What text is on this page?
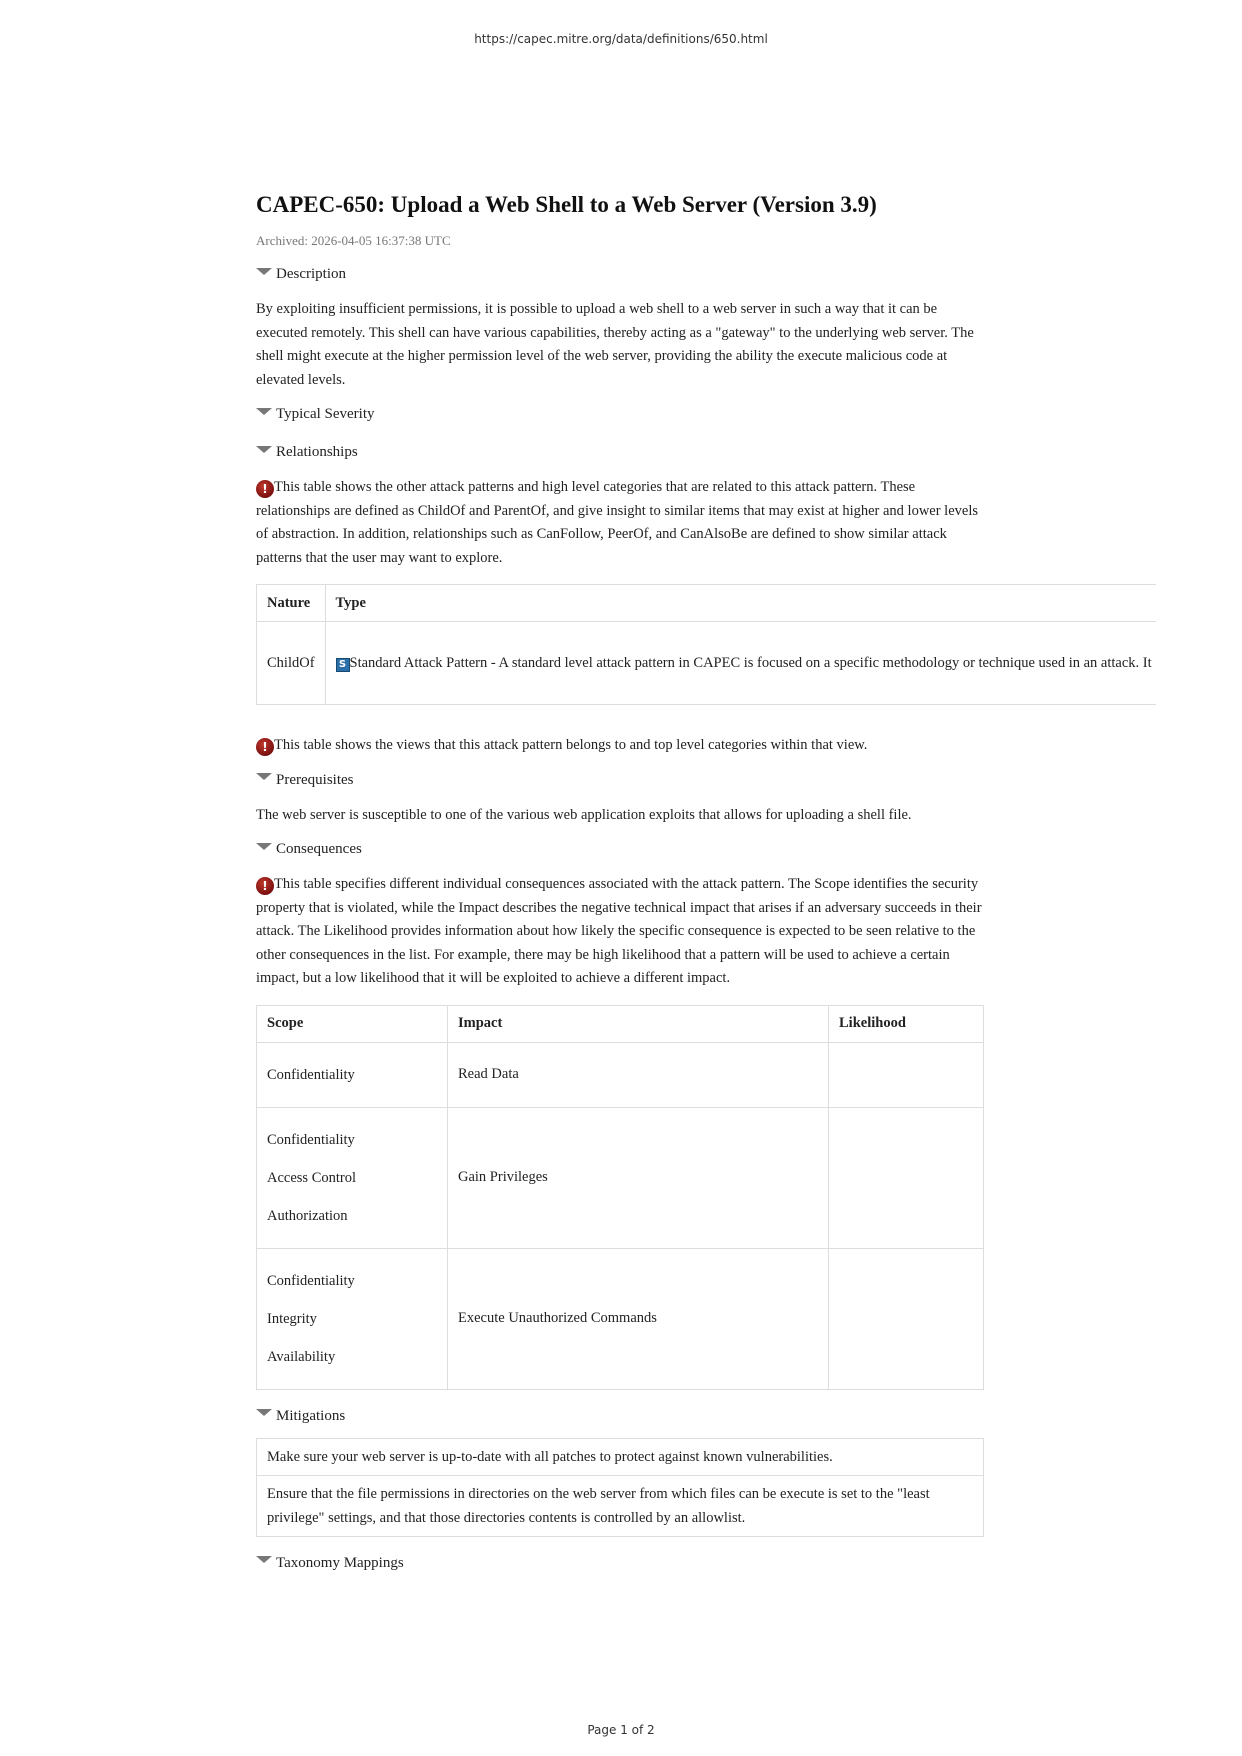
https://capec.mitre.org/data/definitions/650.html
CAPEC-650: Upload a Web Shell to a Web Server (Version 3.9)
Archived: 2026-04-05 16:37:38 UTC
Description

By exploiting insufficient permissions, it is possible to upload a web shell to a web server in such a way that it can be executed remotely. This shell can have various capabilities, thereby acting as a "gateway" to the underlying web server. The shell might execute at the higher permission level of the web server, providing the ability the execute malicious code at elevated levels.

Typical Severity
Relationships

! This table shows the other attack patterns and high level categories that are related to this attack pattern. These relationships are defined as ChildOf and ParentOf, and give insight to similar items that may exist at higher and lower levels of abstraction. In addition, relationships such as CanFollow, PeerOf, and CanAlsoBe are defined to show similar attack patterns that the user may want to explore.

Nature	Type
ChildOf	S Standard Attack Pattern - A standard level attack pattern in CAPEC is focused on a specific methodology or technique used in an attack. It

! This table shows the views that this attack pattern belongs to and top level categories within that view.

Prerequisites

The web server is susceptible to one of the various web application exploits that allows for uploading a shell file.

Consequences

! This table specifies different individual consequences associated with the attack pattern. The Scope identifies the security property that is violated, while the Impact describes the negative technical impact that arises if an adversary succeeds in their attack. The Likelihood provides information about how likely the specific consequence is expected to be seen relative to the other consequences in the list. For example, there may be high likelihood that a pattern will be used to achieve a certain impact, but a low likelihood that it will be exploited to achieve a different impact.

Scope	Impact	Likelihood

Confidentiality	Read Data	

Confidentiality
Access Control
Authorization	Gain Privileges	

Confidentiality
Integrity
Availability	Execute Unauthorized Commands	
Mitigations
Make sure your web server is up-to-date with all patches to protect against known vulnerabilities.
Ensure that the file permissions in directories on the web server from which files can be execute is set to the "least privilege" settings, and that those directories contents is controlled by an allowlist.
Taxonomy Mappings
Page 1 of 2
